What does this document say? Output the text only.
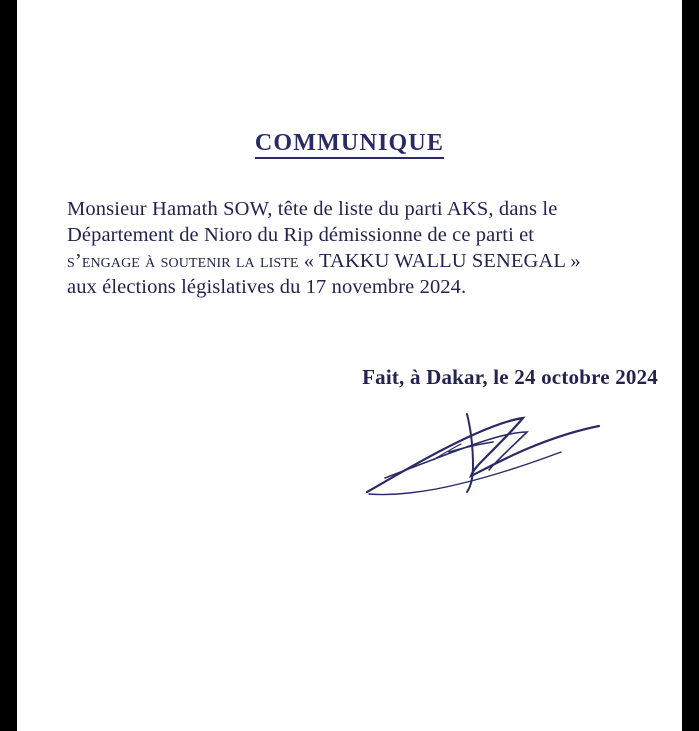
COMMUNIQUE
Monsieur Hamath SOW, tête de liste du parti AKS, dans le
Département de Nioro du Rip démissionne de ce parti et
s’engage à soutenir la liste « TAKKU WALLU SENEGAL »
aux élections législatives du 17 novembre 2024.
Fait, à Dakar, le 24 octobre 2024
